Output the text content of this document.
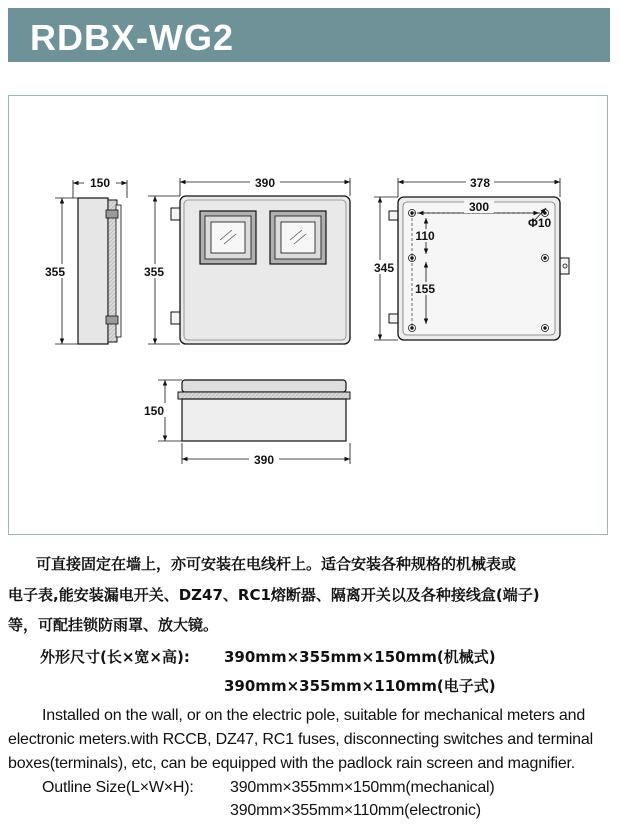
RDBX-WG2
150
355
390
355
378
345
300
Φ10
110
155
150
390
可直接固定在墙上，亦可安装在电线杆上。适合安装各种规格的机械表或
电子表,能安装漏电开关、DZ47、RC1熔断器、隔离开关以及各种接线盒(端子)
等，可配挂锁防雨罩、放大镜。
外形尺寸(长×宽×高): 390mm×355mm×150mm(机械式)
390mm×355mm×110mm(电子式)
Installed on the wall, or on the electric pole, suitable for mechanical meters and
electronic meters.with RCCB, DZ47, RC1 fuses, disconnecting switches and terminal
boxes(terminals), etc, can be equipped with the padlock rain screen and magnifier.
Outline Size(L×W×H): 390mm×355mm×150mm(mechanical)
390mm×355mm×110mm(electronic)
